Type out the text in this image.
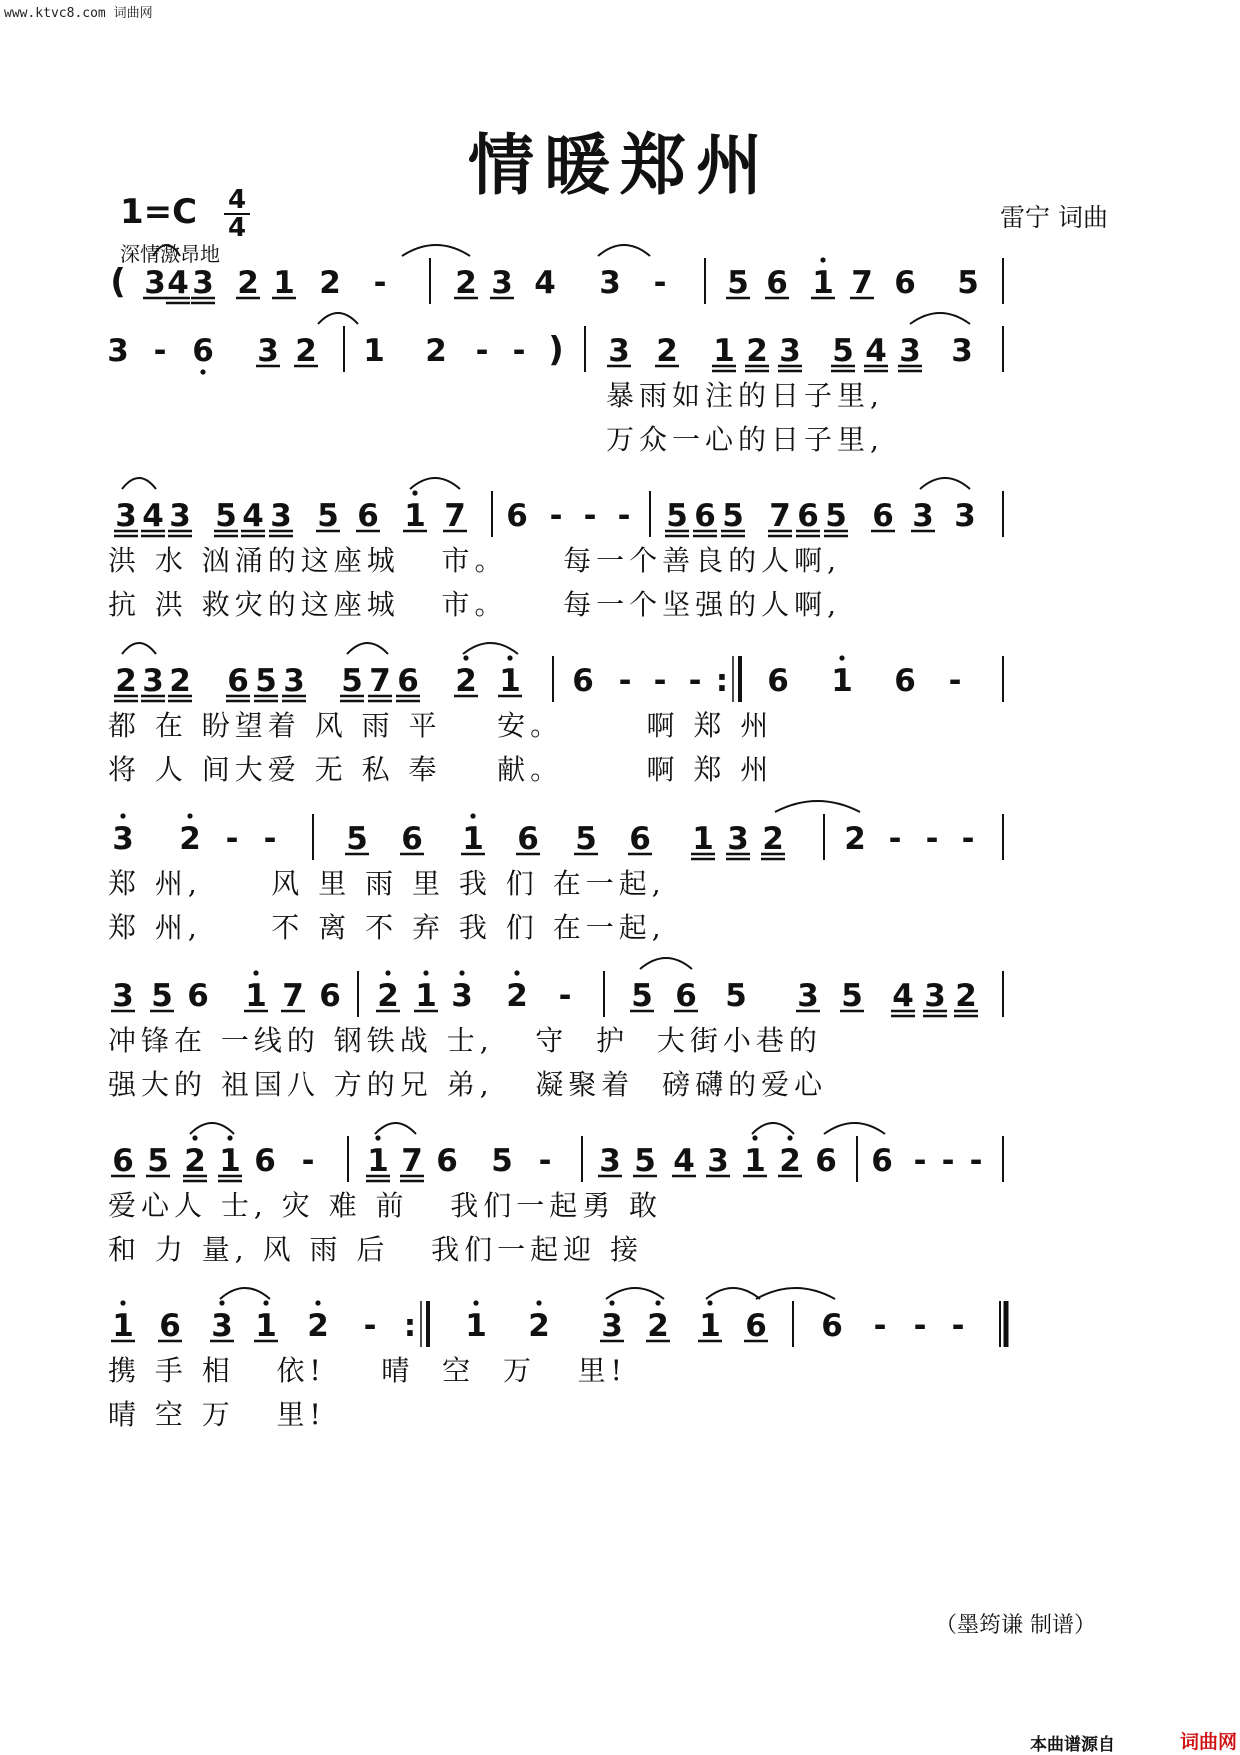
www.ktvc8.com 词曲网
情暖郑州
1=C 4
4
深情激昂地
雷宁 词曲
( 3 4 3 2 1 2 - 2 3 4 3 - 5 6 1 7 6 5
3 - 6 3 2 1 2 - - ) 3 2 1 2 3 5 4 3 3
暴雨如注的日子里,
万众一心的日子里,
3 4 3 5 4 3 5 6 1 7 6 - - - 5 6 5 7 6 5 6 3 3
洪 水 汹涌的这座城   市。    每一个善良的人啊,
抗 洪 救灾的这座城   市。    每一个坚强的人啊,
2 3 2 6 5 3 5 7 6 2 1 6 - - - : 6 1 6 -
都 在 盼望着 风 雨 平    安。      啊 郑 州
将 人 间大爱 无 私 奉    献。      啊 郑 州
3 2 - - 5 6 1 6 5 6 1 3 2 2 - - -
郑 州,     风 里 雨 里 我 们 在一起,
郑 州,     不 离 不 弃 我 们 在一起,
3 5 6 1 7 6 2 1 3 2 - 5 6 5 3 5 4 3 2
冲锋在 一线的 钢铁战 士,   守  护  大街小巷的
强大的 祖国八 方的兄 弟,   凝聚着  磅礴的爱心
6 5 2 1 6 - 1 7 6 5 - 3 5 4 3 1 2 6 6 - - -
爱心人 士, 灾 难 前   我们一起勇 敢
和 力 量, 风 雨 后   我们一起迎 接
1 6 3 1 2 - : 1 2 3 2 1 6 6 - - -
携 手 相   依!    晴  空  万   里!
晴 空 万   里!
（墨筠谦 制谱）
本曲谱源自	词曲网
